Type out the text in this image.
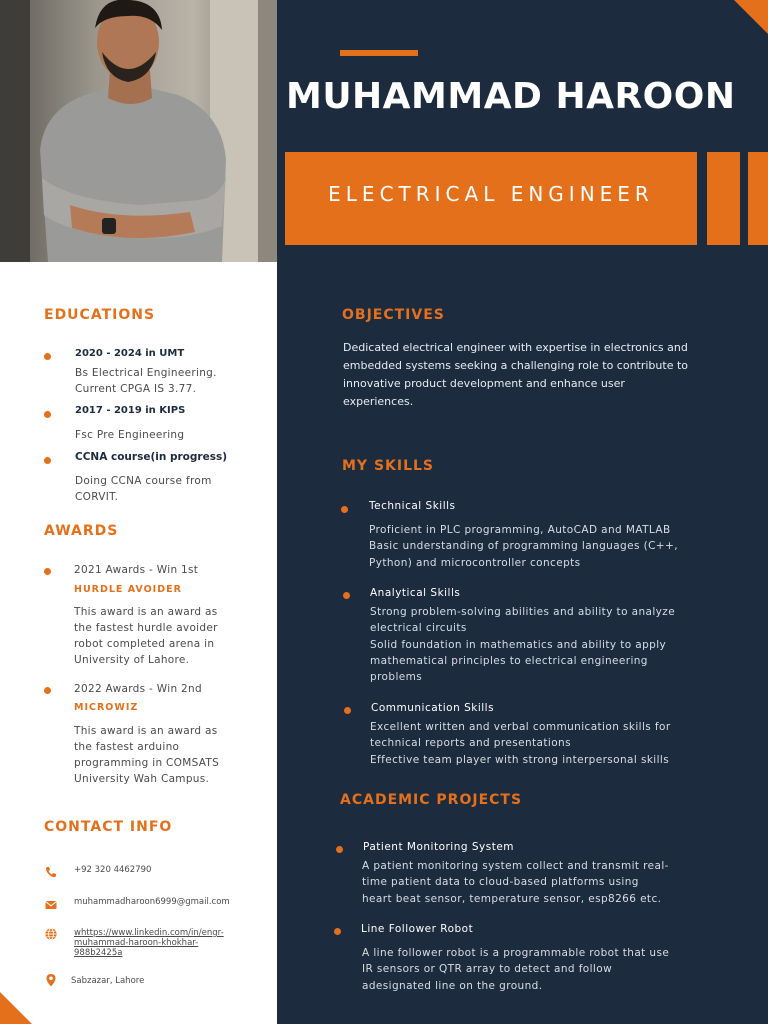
MUHAMMAD HAROON
ELECTRICAL ENGINEER
EDUCATIONS
2020 - 2024 in UMT
Bs Electrical Engineering.
Current CPGA IS 3.77.
2017 - 2019 in KIPS
Fsc Pre Engineering
CCNA course(in progress)
Doing CCNA course from
CORVIT.
AWARDS
2021 Awards - Win 1st
HURDLE AVOIDER
This award is an award as
the fastest hurdle avoider
robot completed arena in
University of Lahore.
2022 Awards - Win 2nd
MICROWIZ
This award is an award as
the fastest arduino
programming in COMSATS
University Wah Campus.
CONTACT INFO
+92 320 4462790
muhammadharoon6999@gmail.com
whttps://www.linkedin.com/in/engr-
muhammad-haroon-khokhar-
988b2425a
Sabzazar, Lahore
OBJECTIVES
Dedicated electrical engineer with expertise in electronics and
embedded systems seeking a challenging role to contribute to
innovative product development and enhance user
experiences.
MY SKILLS
Technical Skills
Proficient in PLC programming, AutoCAD and MATLAB
Basic understanding of programming languages (C++,
Python) and microcontroller concepts
Analytical Skills
Strong problem-solving abilities and ability to analyze
electrical circuits
Solid foundation in mathematics and ability to apply
mathematical principles to electrical engineering
problems
Communication Skills
Excellent written and verbal communication skills for
technical reports and presentations
Effective team player with strong interpersonal skills
ACADEMIC PROJECTS
Patient Monitoring System
A patient monitoring system collect and transmit real-
time patient data to cloud-based platforms using
heart beat sensor, temperature sensor, esp8266 etc.
Line Follower Robot
A line follower robot is a programmable robot that use
IR sensors or QTR array to detect and follow
adesignated line on the ground.
